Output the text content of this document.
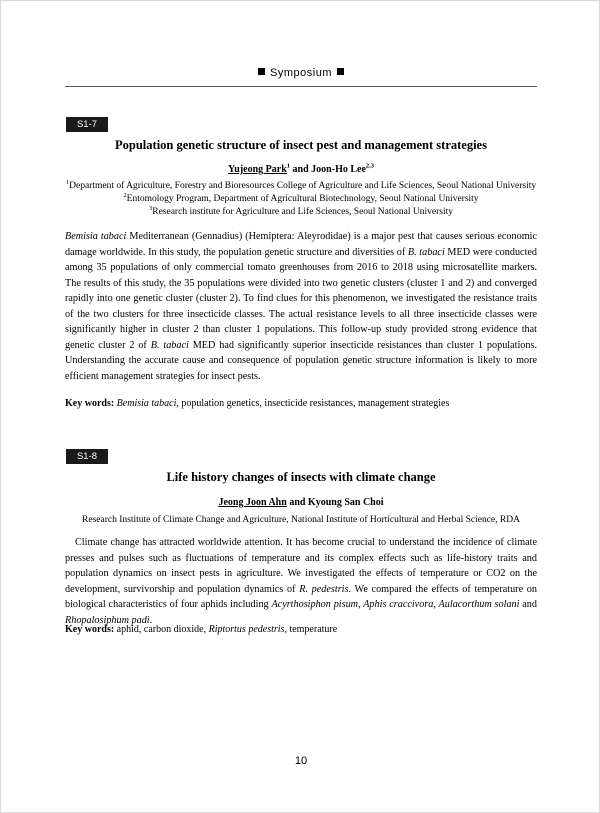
Symposium
S1-7
Population genetic structure of insect pest and management strategies
Yujeong Park$^1$ and Joon-Ho Lee$^{2,3}$
$^1$Department of Agriculture, Forestry and Bioresources College of Agriculture and Life Sciences, Seoul National University
$^2$Entomology Program, Department of Agricultural Biotechnology, Seoul National University
$^3$Research institute for Agriculture and Life Sciences, Seoul National University

Bemisia tabaci Mediterranean (Gennadius) (Hemiptera: Aleyrodidae) is a major pest that causes serious economic damage worldwide. In this study, the population genetic structure and diversities of B. tabaci MED were conducted among 35 populations of only commercial tomato greenhouses from 2016 to 2018 using microsatellite markers. The results of this study, the 35 populations were divided into two genetic clusters (cluster 1 and 2) and converged rapidly into one genetic cluster (cluster 2). To find clues for this phenomenon, we investigated the resistance traits of the two clusters for three insecticide classes. The actual resistance levels to all three insecticide classes were significantly higher in cluster 2 than cluster 1 populations. This follow-up study provided strong evidence that genetic cluster 2 of B. tabaci MED had significantly superior insecticide resistances than cluster 1 populations. Understanding the accurate cause and consequence of population genetic structure information is likely to more efficient management strategies for insect pests.

Key words: Bemisia tabaci, population genetics, insecticide resistances, management strategies
S1-8
Life history changes of insects with climate change
Jeong Joon Ahn and Kyoung San Choi
Research Institute of Climate Change and Agriculture, National Institute of Horticultural and Herbal Science, RDA

Climate change has attracted worldwide attention. It has become crucial to understand the incidence of climate presses and pulses such as fluctuations of temperature and its complex effects such as life-history traits and population dynamics on insect pests in agriculture. We investigated the effects of temperature or CO2 on the development, survivorship and population dynamics of R. pedestris. We compared the effects of temperature on biological characteristics of four aphids including Acyrthosiphon pisum, Aphis craccivora, Aulacorthum solani and Rhopalosiphum padi.

Key words: aphid, carbon dioxide, Riptortus pedestris, temperature
10
